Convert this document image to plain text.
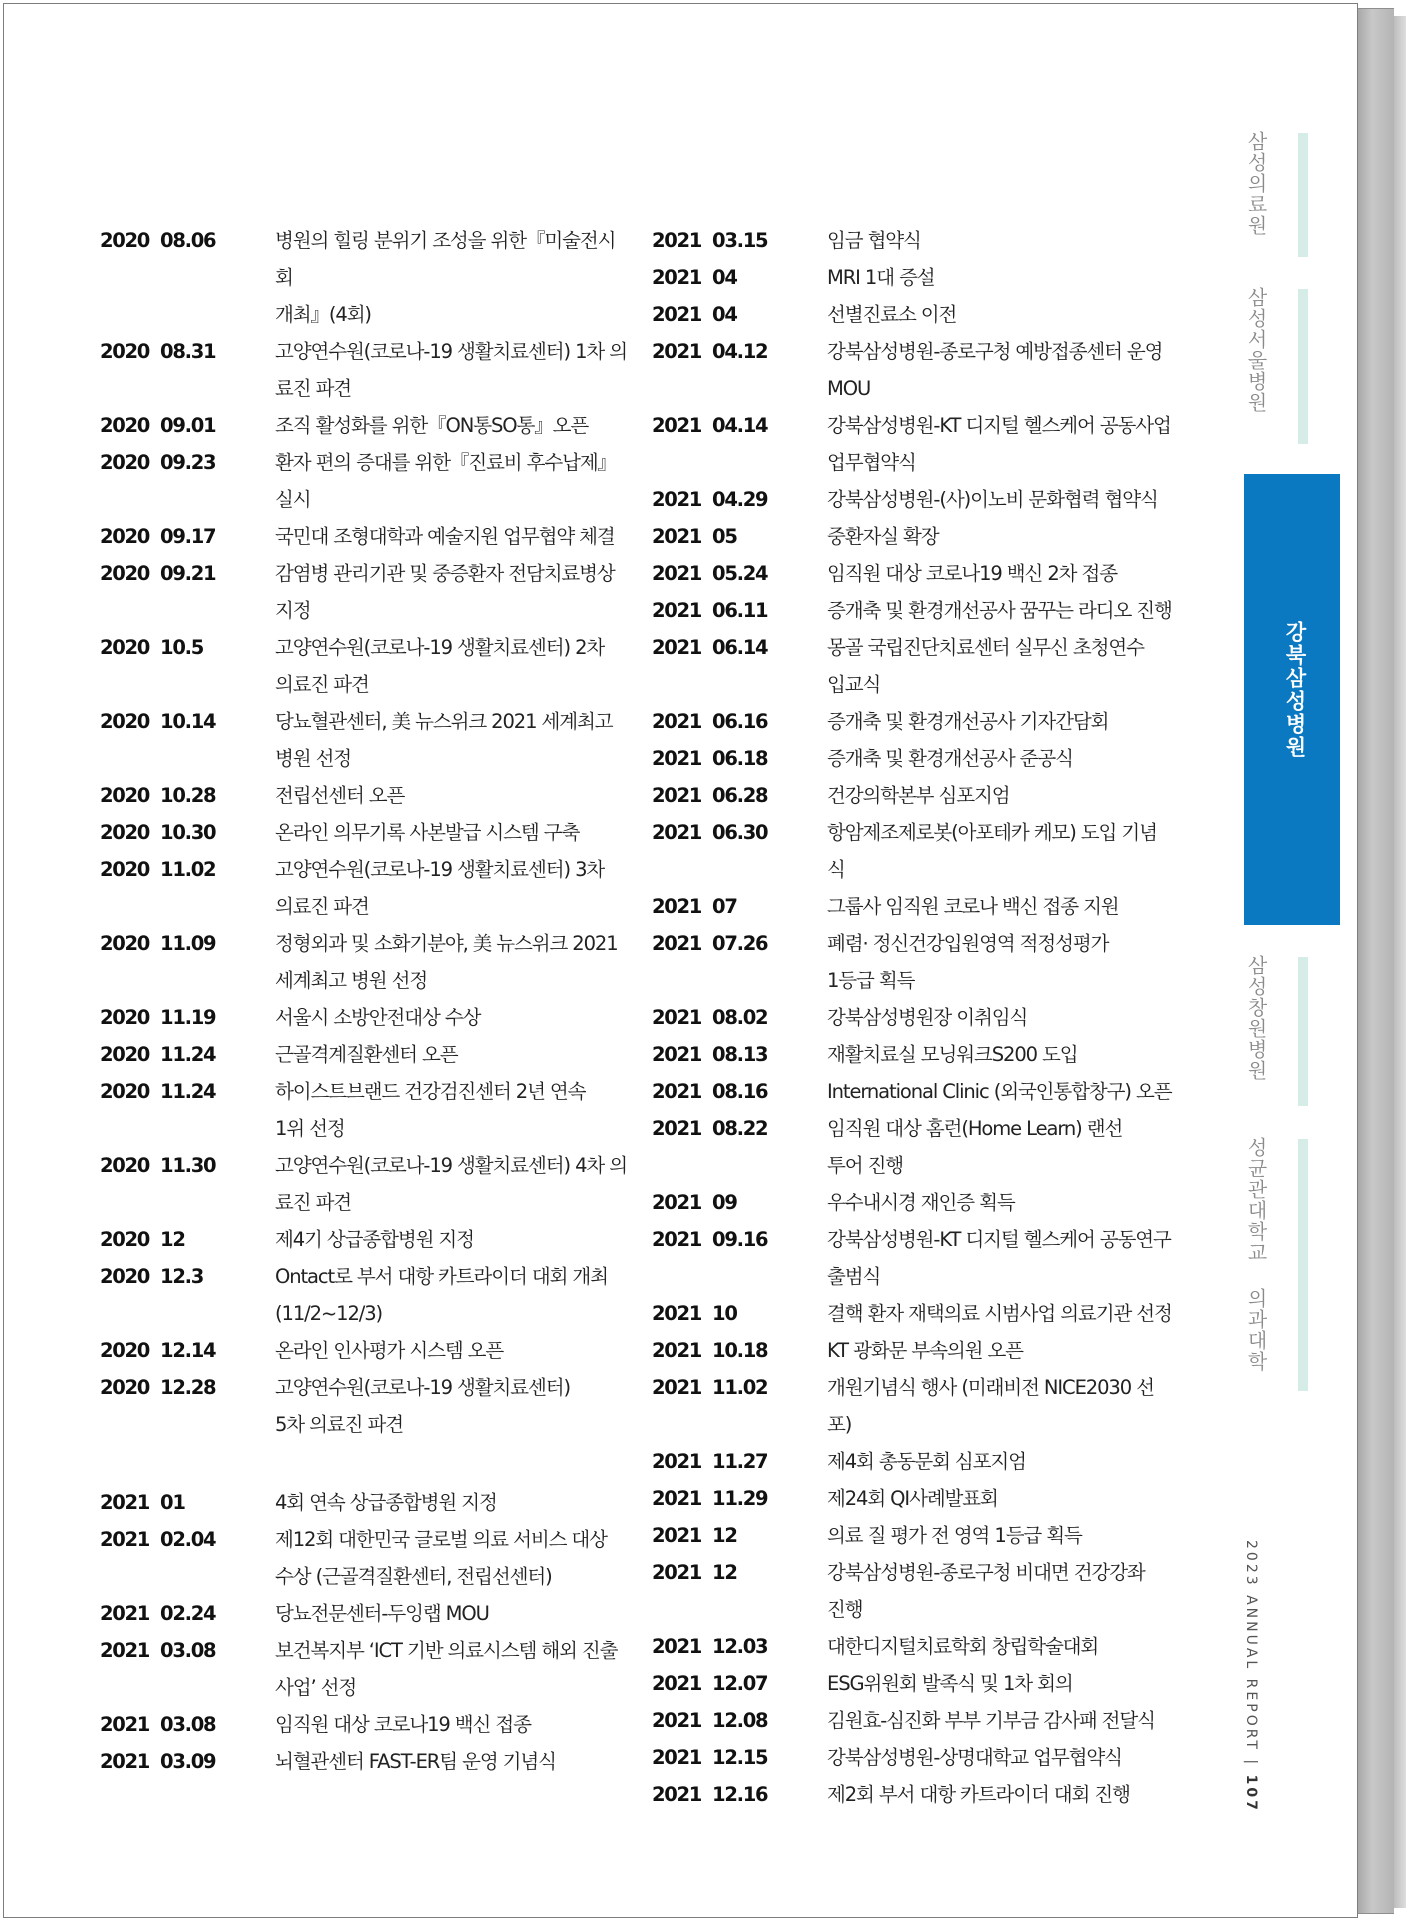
2020  08.06	병원의 힐링 분위기 조성을 위한『미술전시회
개최』(4회)
2020  08.31	고양연수원(코로나-19 생활치료센터) 1차 의
료진 파견
2020  09.01	조직 활성화를 위한『ON통SO통』오픈
2020  09.23	환자 편의 증대를 위한『진료비 후수납제』
실시
2020  09.17	국민대 조형대학과 예술지원 업무협약 체결
2020  09.21	감염병 관리기관 및 중증환자 전담치료병상
지정
2020  10.5	고양연수원(코로나-19 생활치료센터) 2차
의료진 파견
2020  10.14	당뇨혈관센터, 美 뉴스위크 2021 세계최고
병원 선정
2020  10.28	전립선센터 오픈
2020  10.30	온라인 의무기록 사본발급 시스템 구축
2020  11.02	고양연수원(코로나-19 생활치료센터) 3차
의료진 파견
2020  11.09	정형외과 및 소화기분야, 美 뉴스위크 2021
세계최고 병원 선정
2020  11.19	서울시 소방안전대상 수상
2020  11.24	근골격계질환센터 오픈
2020  11.24	하이스트브랜드 건강검진센터 2년 연속
1위 선정
2020  11.30	고양연수원(코로나-19 생활치료센터) 4차 의
료진 파견
2020  12	제4기 상급종합병원 지정
2020  12.3	Ontact로 부서 대항 카트라이더 대회 개최
(11/2~12/3)
2020  12.14	온라인 인사평가 시스템 오픈
2020  12.28	고양연수원(코로나-19 생활치료센터)
5차 의료진 파견
2021  01	4회 연속 상급종합병원 지정
2021  02.04	제12회 대한민국 글로벌 의료 서비스 대상
수상 (근골격질환센터, 전립선센터)
2021  02.24	당뇨전문센터-두잉랩 MOU
2021  03.08	보건복지부 ‘ICT 기반 의료시스템 해외 진출
사업’ 선정
2021  03.08	임직원 대상 코로나19 백신 접종
2021  03.09	뇌혈관센터 FAST-ER팀 운영 기념식
2021  03.15	임금 협약식
2021  04	MRI 1대 증설
2021  04	선별진료소 이전
2021  04.12	강북삼성병원-종로구청 예방접종센터 운영
MOU
2021  04.14	강북삼성병원-KT 디지털 헬스케어 공동사업
업무협약식
2021  04.29	강북삼성병원-(사)이노비 문화협력 협약식
2021  05	중환자실 확장
2021  05.24	임직원 대상 코로나19 백신 2차 접종
2021  06.11	증개축 및 환경개선공사 꿈꾸는 라디오 진행
2021  06.14	몽골 국립진단치료센터 실무신 초청연수
입교식
2021  06.16	증개축 및 환경개선공사 기자간담회
2021  06.18	증개축 및 환경개선공사 준공식
2021  06.28	건강의학본부 심포지엄
2021  06.30	항암제조제로봇(아포테카 케모) 도입 기념식
2021  07	그룹사 임직원 코로나 백신 접종 지원
2021  07.26	폐렴· 정신건강입원영역 적정성평가
1등급 획득
2021  08.02	강북삼성병원장 이취임식
2021  08.13	재활치료실 모닝워크S200 도입
2021  08.16	International Clinic (외국인통합창구) 오픈
2021  08.22	임직원 대상 홈런(Home Learn) 랜선
투어 진행
2021  09	우수내시경 재인증 획득
2021  09.16	강북삼성병원-KT 디지털 헬스케어 공동연구
출범식
2021  10	결핵 환자 재택의료 시범사업 의료기관 선정
2021  10.18	KT 광화문 부속의원 오픈
2021  11.02	개원기념식 행사 (미래비전 NICE2030 선포)
2021  11.27	제4회 총동문회 심포지엄
2021  11.29	제24회 QI사례발표회
2021  12	의료 질 평가 전 영역 1등급 획득
2021  12	강북삼성병원-종로구청 비대면 건강강좌
진행
2021  12.03	대한디지털치료학회 창립학술대회
2021  12.07	ESG위원회 발족식 및 1차 회의
2021  12.08	김원효-심진화 부부 기부금 감사패 전달식
2021  12.15	강북삼성병원-상명대학교 업무협약식
2021  12.16	제2회 부서 대항 카트라이더 대회 진행
삼성의료원
삼성서울병원
삼성창원병원
성균관대학교 의과대학
강북삼성병원
2023 ANNUAL REPORT | 107
